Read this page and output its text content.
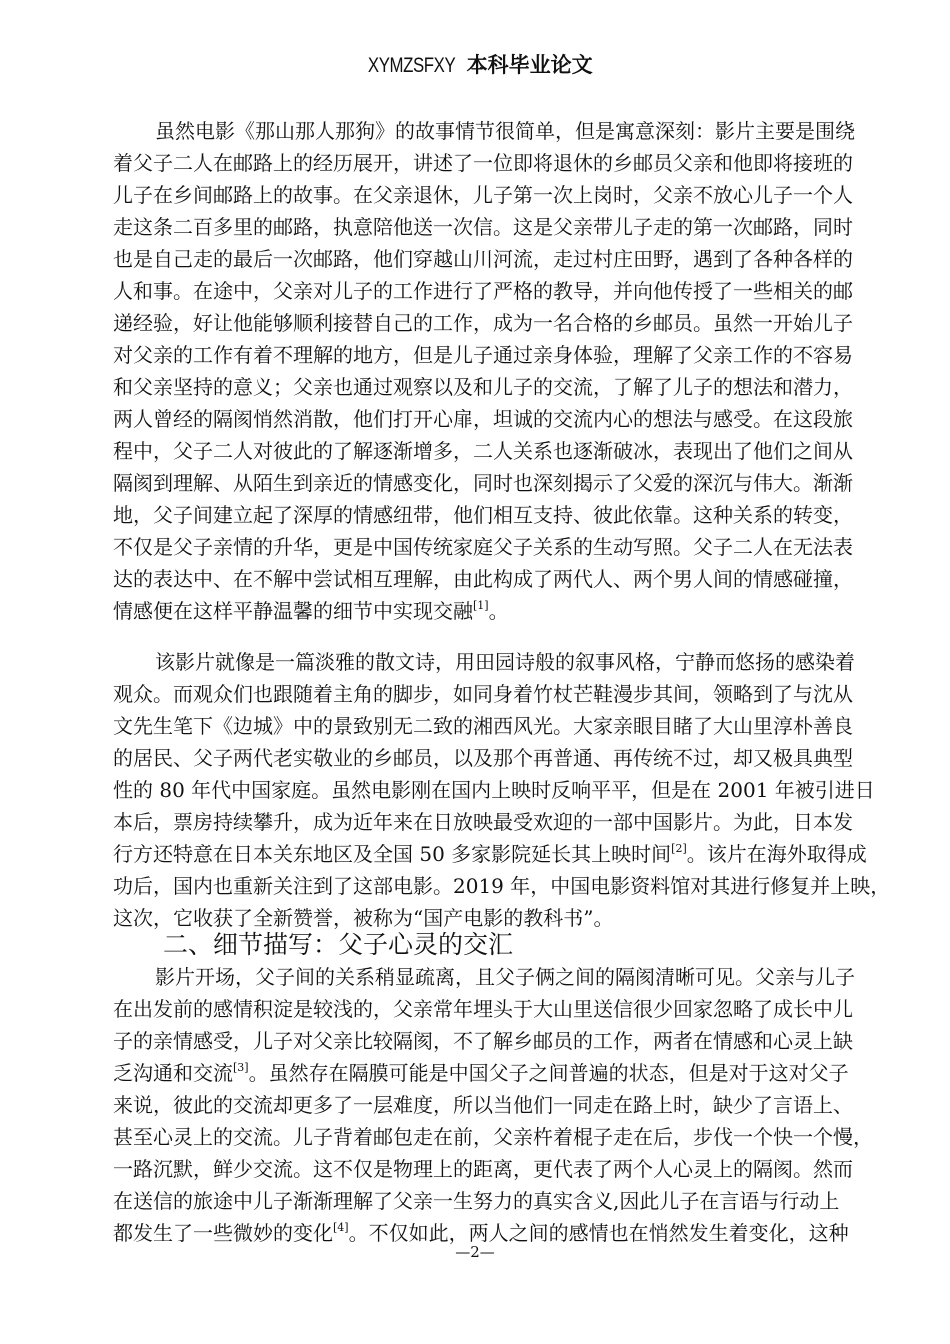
XYMZSFXY 本科毕业论文
虽然电影《那山那人那狗》的故事情节很简单，但是寓意深刻：影片主要是围绕
着父子二人在邮路上的经历展开，讲述了一位即将退休的乡邮员父亲和他即将接班的
儿子在乡间邮路上的故事。在父亲退休，儿子第一次上岗时，父亲不放心儿子一个人
走这条二百多里的邮路，执意陪他送一次信。这是父亲带儿子走的第一次邮路，同时
也是自己走的最后一次邮路，他们穿越山川河流，走过村庄田野，遇到了各种各样的
人和事。在途中，父亲对儿子的工作进行了严格的教导，并向他传授了一些相关的邮
递经验，好让他能够顺利接替自己的工作，成为一名合格的乡邮员。虽然一开始儿子
对父亲的工作有着不理解的地方，但是儿子通过亲身体验，理解了父亲工作的不容易
和父亲坚持的意义；父亲也通过观察以及和儿子的交流，了解了儿子的想法和潜力，
两人曾经的隔阂悄然消散，他们打开心扉，坦诚的交流内心的想法与感受。在这段旅
程中，父子二人对彼此的了解逐渐增多，二人关系也逐渐破冰，表现出了他们之间从
隔阂到理解、从陌生到亲近的情感变化，同时也深刻揭示了父爱的深沉与伟大。渐渐
地，父子间建立起了深厚的情感纽带，他们相互支持、彼此依靠。这种关系的转变，
不仅是父子亲情的升华，更是中国传统家庭父子关系的生动写照。父子二人在无法表
达的表达中、在不解中尝试相互理解，由此构成了两代人、两个男人间的情感碰撞，
情感便在这样平静温馨的细节中实现交融[1]。
该影片就像是一篇淡雅的散文诗，用田园诗般的叙事风格，宁静而悠扬的感染着
观众。而观众们也跟随着主角的脚步，如同身着竹杖芒鞋漫步其间，领略到了与沈从
文先生笔下《边城》中的景致别无二致的湘西风光。大家亲眼目睹了大山里淳朴善良
的居民、父子两代老实敬业的乡邮员，以及那个再普通、再传统不过，却又极具典型
性的 80 年代中国家庭。虽然电影刚在国内上映时反响平平，但是在 2001 年被引进日
本后，票房持续攀升，成为近年来在日放映最受欢迎的一部中国影片。为此，日本发
行方还特意在日本关东地区及全国 50 多家影院延长其上映时间[2]。该片在海外取得成
功后，国内也重新关注到了这部电影。2019 年，中国电影资料馆对其进行修复并上映，
这次，它收获了全新赞誉，被称为“国产电影的教科书”。
二、细节描写：父子心灵的交汇
影片开场，父子间的关系稍显疏离，且父子俩之间的隔阂清晰可见。父亲与儿子
在出发前的感情积淀是较浅的，父亲常年埋头于大山里送信很少回家忽略了成长中儿
子的亲情感受，儿子对父亲比较隔阂，不了解乡邮员的工作，两者在情感和心灵上缺
乏沟通和交流[3]。虽然存在隔膜可能是中国父子之间普遍的状态，但是对于这对父子
来说，彼此的交流却更多了一层难度，所以当他们一同走在路上时，缺少了言语上、
甚至心灵上的交流。儿子背着邮包走在前，父亲杵着棍子走在后，步伐一个快一个慢，
一路沉默，鲜少交流。这不仅是物理上的距离，更代表了两个人心灵上的隔阂。然而
在送信的旅途中儿子渐渐理解了父亲一生努力的真实含义,因此儿子在言语与行动上
都发生了一些微妙的变化[4]。不仅如此，两人之间的感情也在悄然发生着变化，这种
—2—
